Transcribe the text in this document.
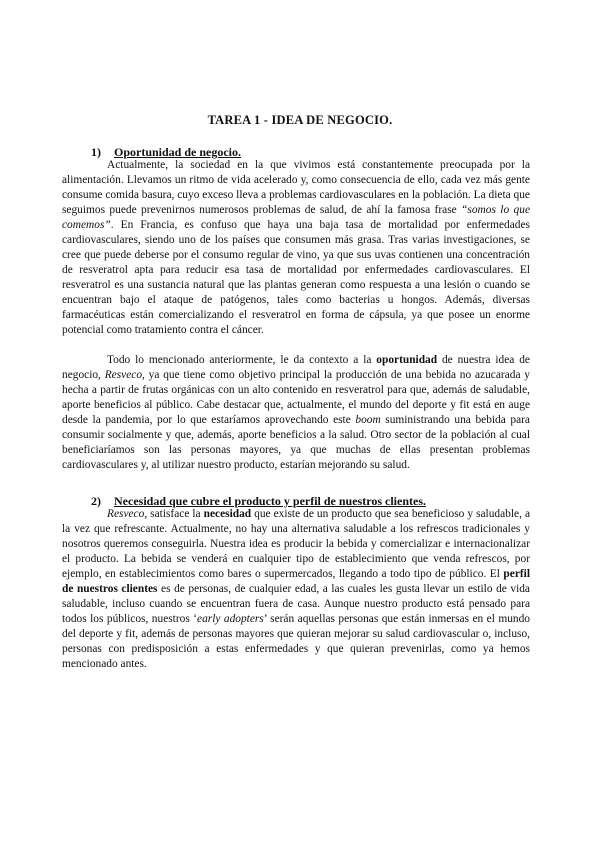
TAREA 1 - IDEA DE NEGOCIO.
1) Oportunidad de negocio.

Actualmente, la sociedad en la que vivimos está constantemente preocupada por la alimentación. Llevamos un ritmo de vida acelerado y, como consecuencia de ello, cada vez más gente consume comida basura, cuyo exceso lleva a problemas cardiovasculares en la población. La dieta que seguimos puede prevenirnos numerosos problemas de salud, de ahí la famosa frase “somos lo que comemos”. En Francia, es confuso que haya una baja tasa de mortalidad por enfermedades cardiovasculares, siendo uno de los países que consumen más grasa. Tras varias investigaciones, se cree que puede deberse por el consumo regular de vino, ya que sus uvas contienen una concentración de resveratrol apta para reducir esa tasa de mortalidad por enfermedades cardiovasculares. El resveratrol es una sustancia natural que las plantas generan como respuesta a una lesión o cuando se encuentran bajo el ataque de patógenos, tales como bacterias u hongos. Además, diversas farmacéuticas están comercializando el resveratrol en forma de cápsula, ya que posee un enorme potencial como tratamiento contra el cáncer.

Todo lo mencionado anteriormente, le da contexto a la oportunidad de nuestra idea de negocio, Resveco, ya que tiene como objetivo principal la producción de una bebida no azucarada y hecha a partir de frutas orgánicas con un alto contenido en resveratrol para que, además de saludable, aporte beneficios al público. Cabe destacar que, actualmente, el mundo del deporte y fit está en auge desde la pandemia, por lo que estaríamos aprovechando este boom suministrando una bebida para consumir socialmente y que, además, aporte beneficios a la salud. Otro sector de la población al cual beneficiaríamos son las personas mayores, ya que muchas de ellas presentan problemas cardiovasculares y, al utilizar nuestro producto, estarían mejorando su salud.

2) Necesidad que cubre el producto y perfil de nuestros clientes.

Resveco, satisface la necesidad que existe de un producto que sea beneficioso y saludable, a la vez que refrescante. Actualmente, no hay una alternativa saludable a los refrescos tradicionales y nosotros queremos conseguirla. Nuestra idea es producir la bebida y comercializar e internacionalizar el producto. La bebida se venderá en cualquier tipo de establecimiento que venda refrescos, por ejemplo, en establecimientos como bares o supermercados, llegando a todo tipo de público. El perfil de nuestros clientes es de personas, de cualquier edad, a las cuales les gusta llevar un estilo de vida saludable, incluso cuando se encuentran fuera de casa. Aunque nuestro producto está pensado para todos los públicos, nuestros ‘early adopters’ serán aquellas personas que están inmersas en el mundo del deporte y fit, además de personas mayores que quieran mejorar su salud cardiovascular o, incluso, personas con predisposición a estas enfermedades y que quieran prevenirlas, como ya hemos mencionado antes.
